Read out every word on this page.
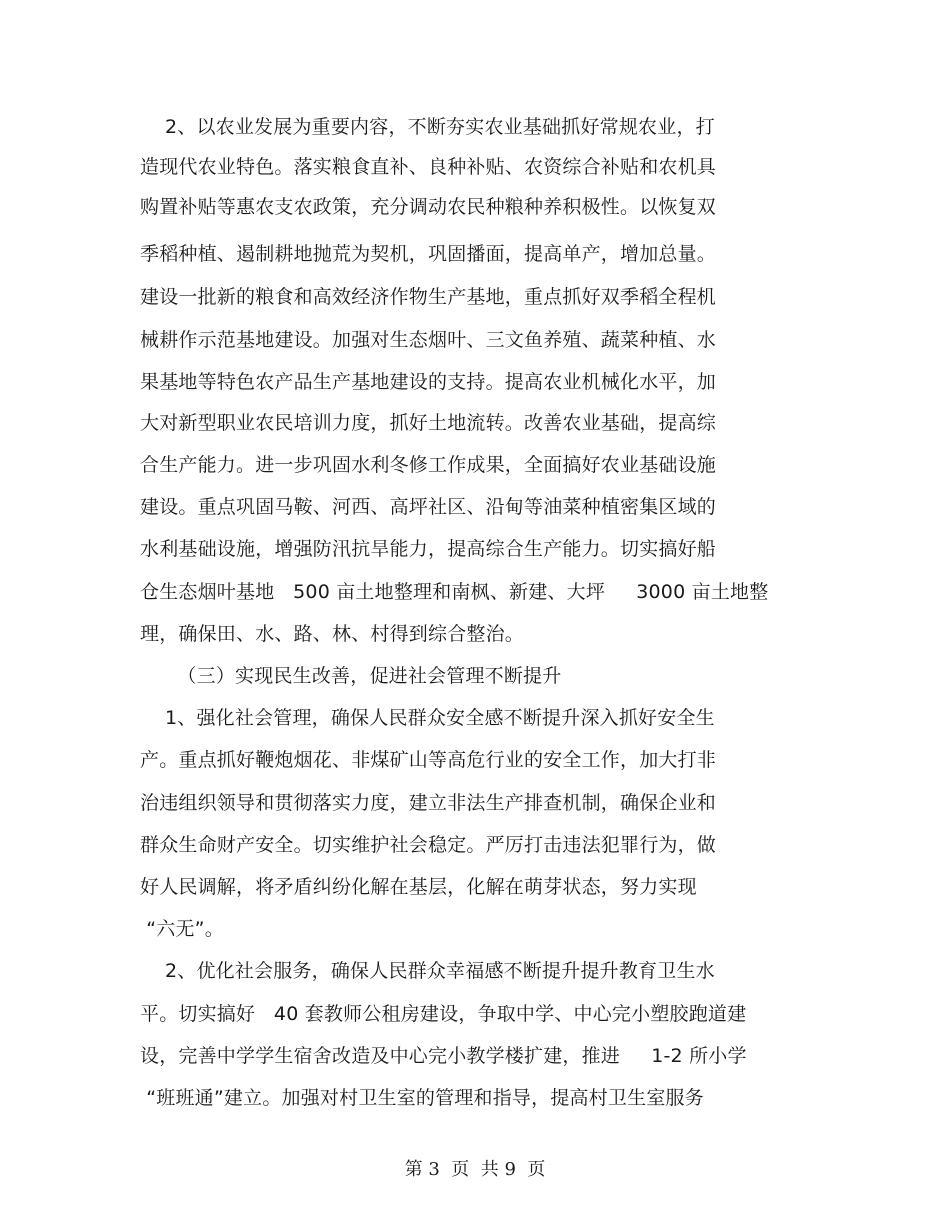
2、以农业发展为重要内容，不断夯实农业基础抓好常规农业，打
造现代农业特色。落实粮食直补、良种补贴、农资综合补贴和农机具
购置补贴等惠农支农政策，充分调动农民种粮种养积极性。以恢复双
季稻种植、遏制耕地抛荒为契机，巩固播面，提高单产，增加总量。
建设一批新的粮食和高效经济作物生产基地，重点抓好双季稻全程机
械耕作示范基地建设。加强对生态烟叶、三文鱼养殖、蔬菜种植、水
果基地等特色农产品生产基地建设的支持。提高农业机械化水平，加
大对新型职业农民培训力度，抓好土地流转。改善农业基础，提高综
合生产能力。进一步巩固水利冬修工作成果，全面搞好农业基础设施
建设。重点巩固马鞍、河西、高坪社区、沿甸等油菜种植密集区域的
水利基础设施，增强防汛抗旱能力，提高综合生产能力。切实搞好船
仓生态烟叶基地   500 亩土地整理和南枫、新建、大坪     3000 亩土地整
理，确保田、水、路、林、村得到综合整治。
（三）实现民生改善，促进社会管理不断提升
1、强化社会管理，确保人民群众安全感不断提升深入抓好安全生
产。重点抓好鞭炮烟花、非煤矿山等高危行业的安全工作，加大打非
治违组织领导和贯彻落实力度，建立非法生产排查机制，确保企业和
群众生命财产安全。切实维护社会稳定。严厉打击违法犯罪行为，做
好人民调解，将矛盾纠纷化解在基层，化解在萌芽状态，努力实现
“六无”。
2、优化社会服务，确保人民群众幸福感不断提升提升教育卫生水
平。切实搞好   40 套教师公租房建设，争取中学、中心完小塑胶跑道建
设，完善中学学生宿舍改造及中心完小教学楼扩建，推进     1-2 所小学
“班班通”建立。加强对村卫生室的管理和指导，提高村卫生室服务
第 3  页  共 9  页
